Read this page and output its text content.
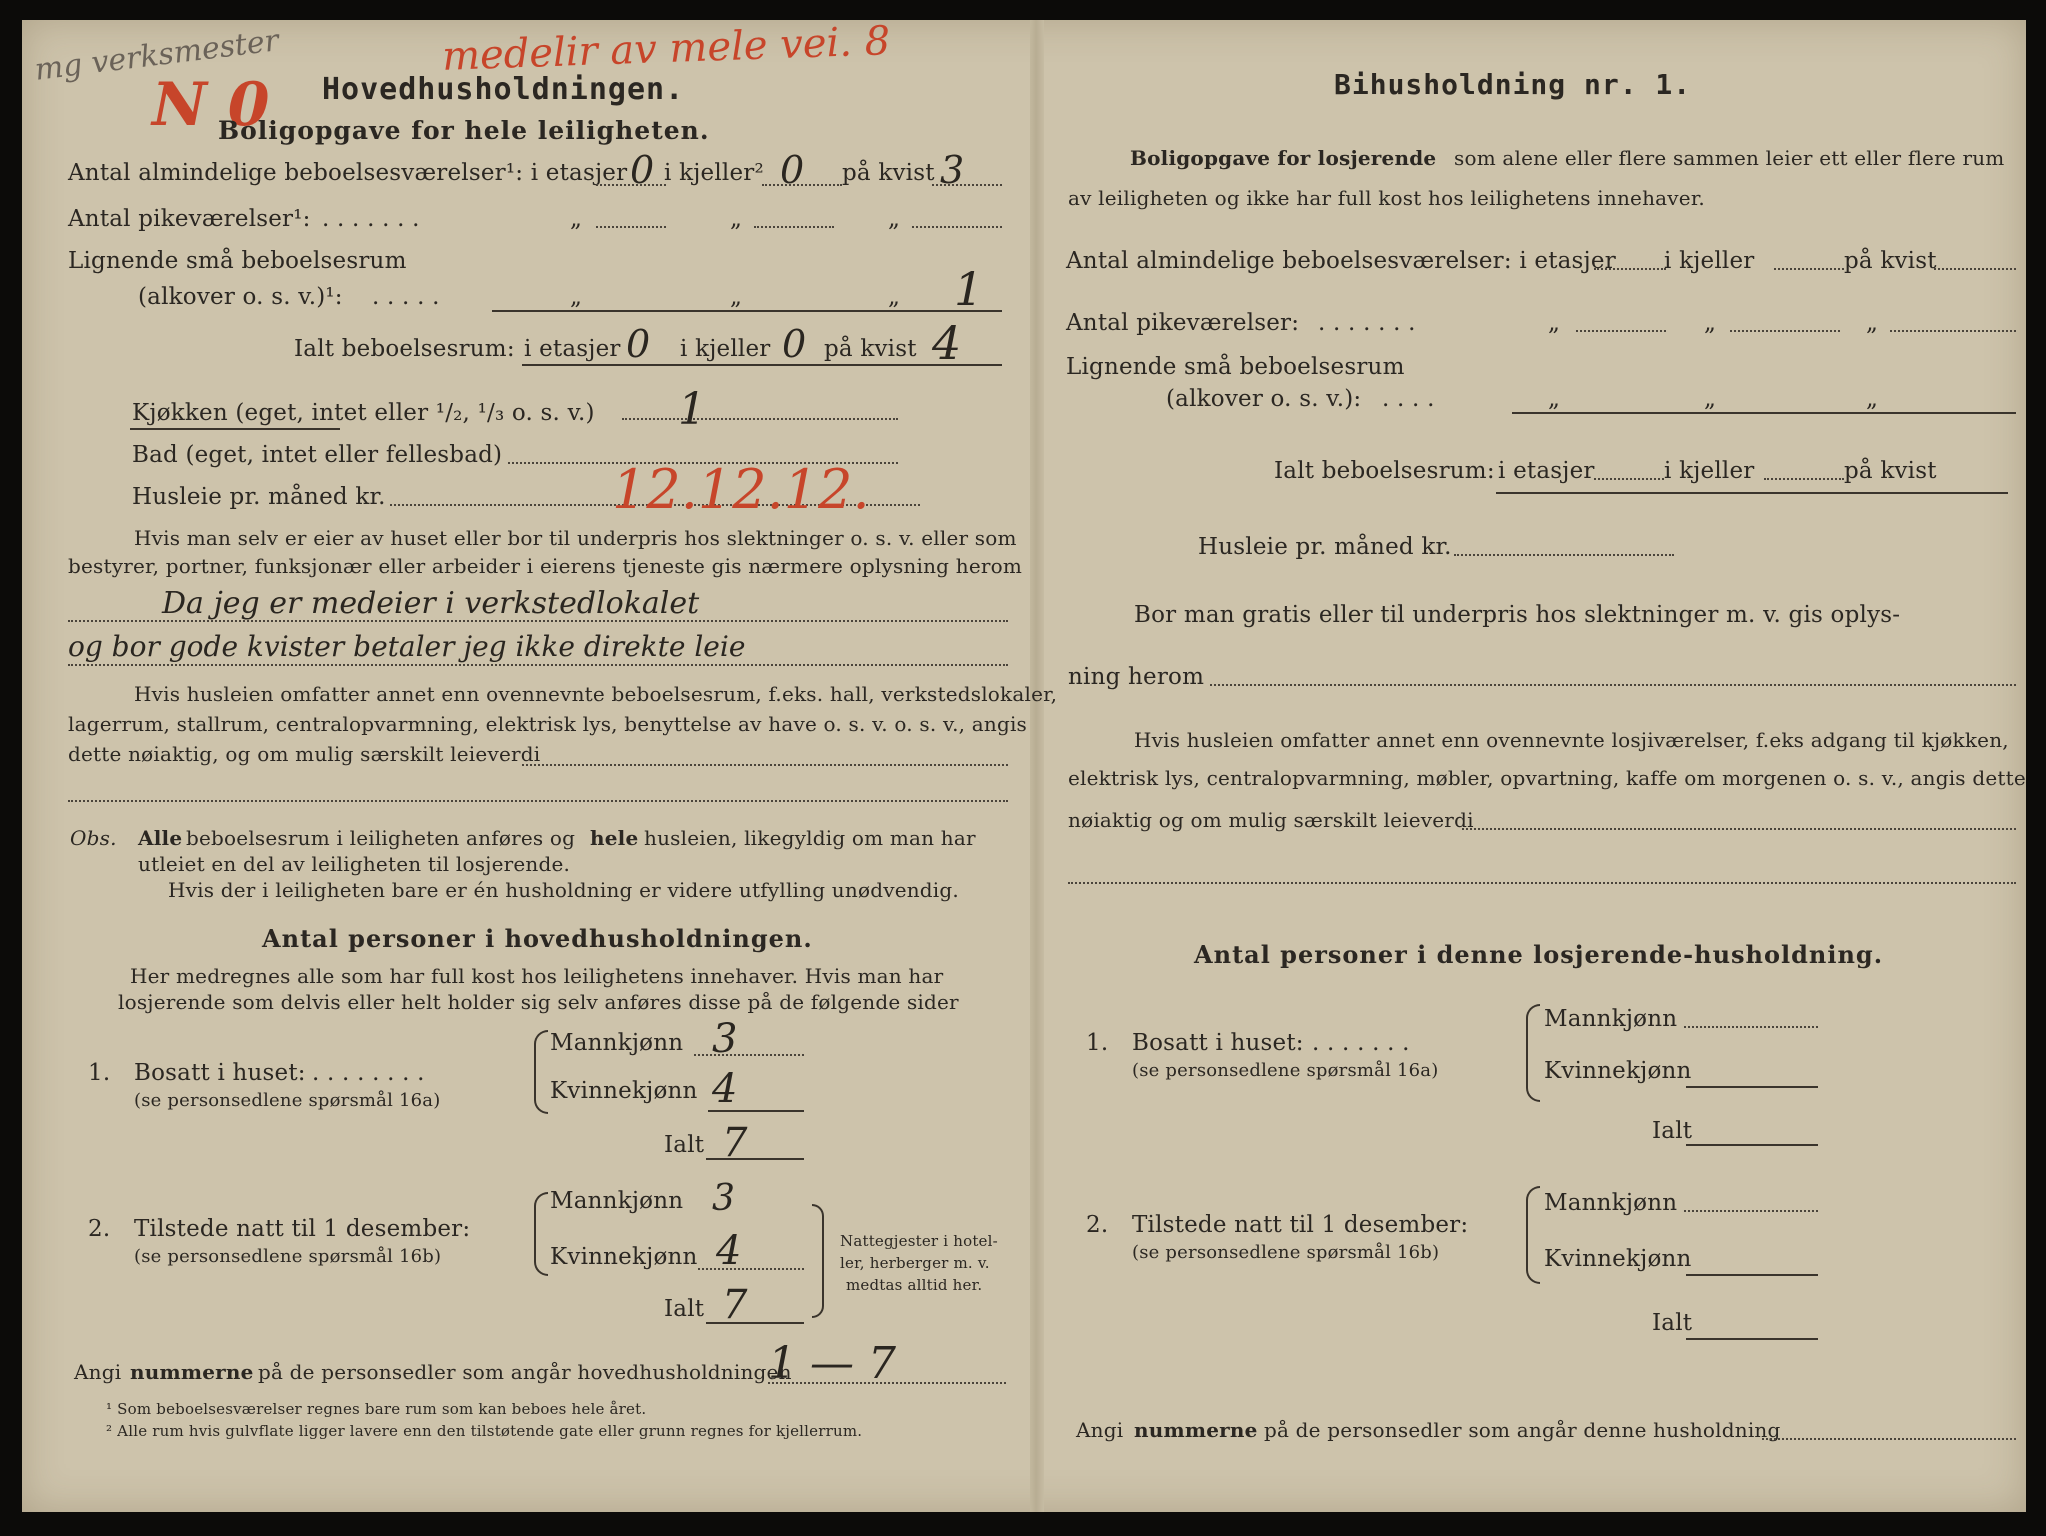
mg verksmester	medelir av mele vei. 8
N 0 Hovedhusholdningen.
Boligopgave for hele leiligheten.
Antal almindelige beboelsesværelser¹: i etasjer 0 i kjeller² 0 på kvist 3
Antal pikeværelser¹: . . . . . . .	„	„	„
Lignende små beboelsesrum
(alkover o. s. v.)¹: . . . . .	„	„	„ 1
Ialt beboelsesrum: i etasjer 0 i kjeller 0 på kvist 4
Kjøkken (eget, intet eller ¹/₂, ¹/₃ o. s. v.) 1
Bad (eget, intet eller fellesbad)
Husleie pr. måned kr.	12.12.12.
Hvis man selv er eier av huset eller bor til underpris hos slektninger o. s. v. eller som
bestyrer, portner, funksjonær eller arbeider i eierens tjeneste gis nærmere oplysning herom
Da jeg er medeier i verkstedlokalet
og bor gode kvister betaler jeg ikke direkte leie
Hvis husleien omfatter annet enn ovennevnte beboelsesrum, f.eks. hall, verkstedslokaler,
lagerrum, stallrum, centralopvarmning, elektrisk lys, benyttelse av have o. s. v. o. s. v., angis
dette nøiaktig, og om mulig særskilt leieverdi
Obs. Alle beboelsesrum i leiligheten anføres og hele husleien, likegyldig om man har
utleiet en del av leiligheten til losjerende.
Hvis der i leiligheten bare er én husholdning er videre utfylling unødvendig.
Antal personer i hovedhusholdningen.
Her medregnes alle som har full kost hos leilighetens innehaver. Hvis man har
losjerende som delvis eller helt holder sig selv anføres disse på de følgende sider
1. Bosatt i huset: . . . . . . . .
(se personsedlene spørsmål 16a)
Mannkjønn 3
Kvinnekjønn 4
Ialt 7
2. Tilstede natt til 1 desember:
(se personsedlene spørsmål 16b)
Mannkjønn 3
Kvinnekjønn 4
Ialt 7
Nattegjester i hotel-
ler, herberger m. v.
medtas alltid her.
Angi nummerne på de personsedler som angår hovedhusholdningen
1 — 7
¹ Som beboelsesværelser regnes bare rum som kan beboes hele året.
² Alle rum hvis gulvflate ligger lavere enn den tilstøtende gate eller grunn regnes for kjellerrum.
Bihusholdning nr. 1.
Boligopgave for losjerende som alene eller flere sammen leier ett eller flere rum
av leiligheten og ikke har full kost hos leilighetens innehaver.
Antal almindelige beboelsesværelser: i etasjer i kjeller	på kvist
Antal pikeværelser: . . . . . . .	„	„	„
Lignende små beboelsesrum
(alkover o. s. v.): . . . .	„	„	„
Ialt beboelsesrum: i etasjer	i kjeller	på kvist
Husleie pr. måned kr.
Bor man gratis eller til underpris hos slektninger m. v. gis oplys-
ning herom
Hvis husleien omfatter annet enn ovennevnte losjiværelser, f.eks adgang til kjøkken,
elektrisk lys, centralopvarmning, møbler, opvartning, kaffe om morgenen o. s. v., angis dette
nøiaktig og om mulig særskilt leieverdi
Antal personer i denne losjerende-husholdning.
1. Bosatt i huset: . . . . . . .
(se personsedlene spørsmål 16a)
Mannkjønn
Kvinnekjønn
Ialt
2. Tilstede natt til 1 desember:
(se personsedlene spørsmål 16b)
Mannkjønn
Kvinnekjønn
Ialt
Angi nummerne på de personsedler som angår denne husholdning
